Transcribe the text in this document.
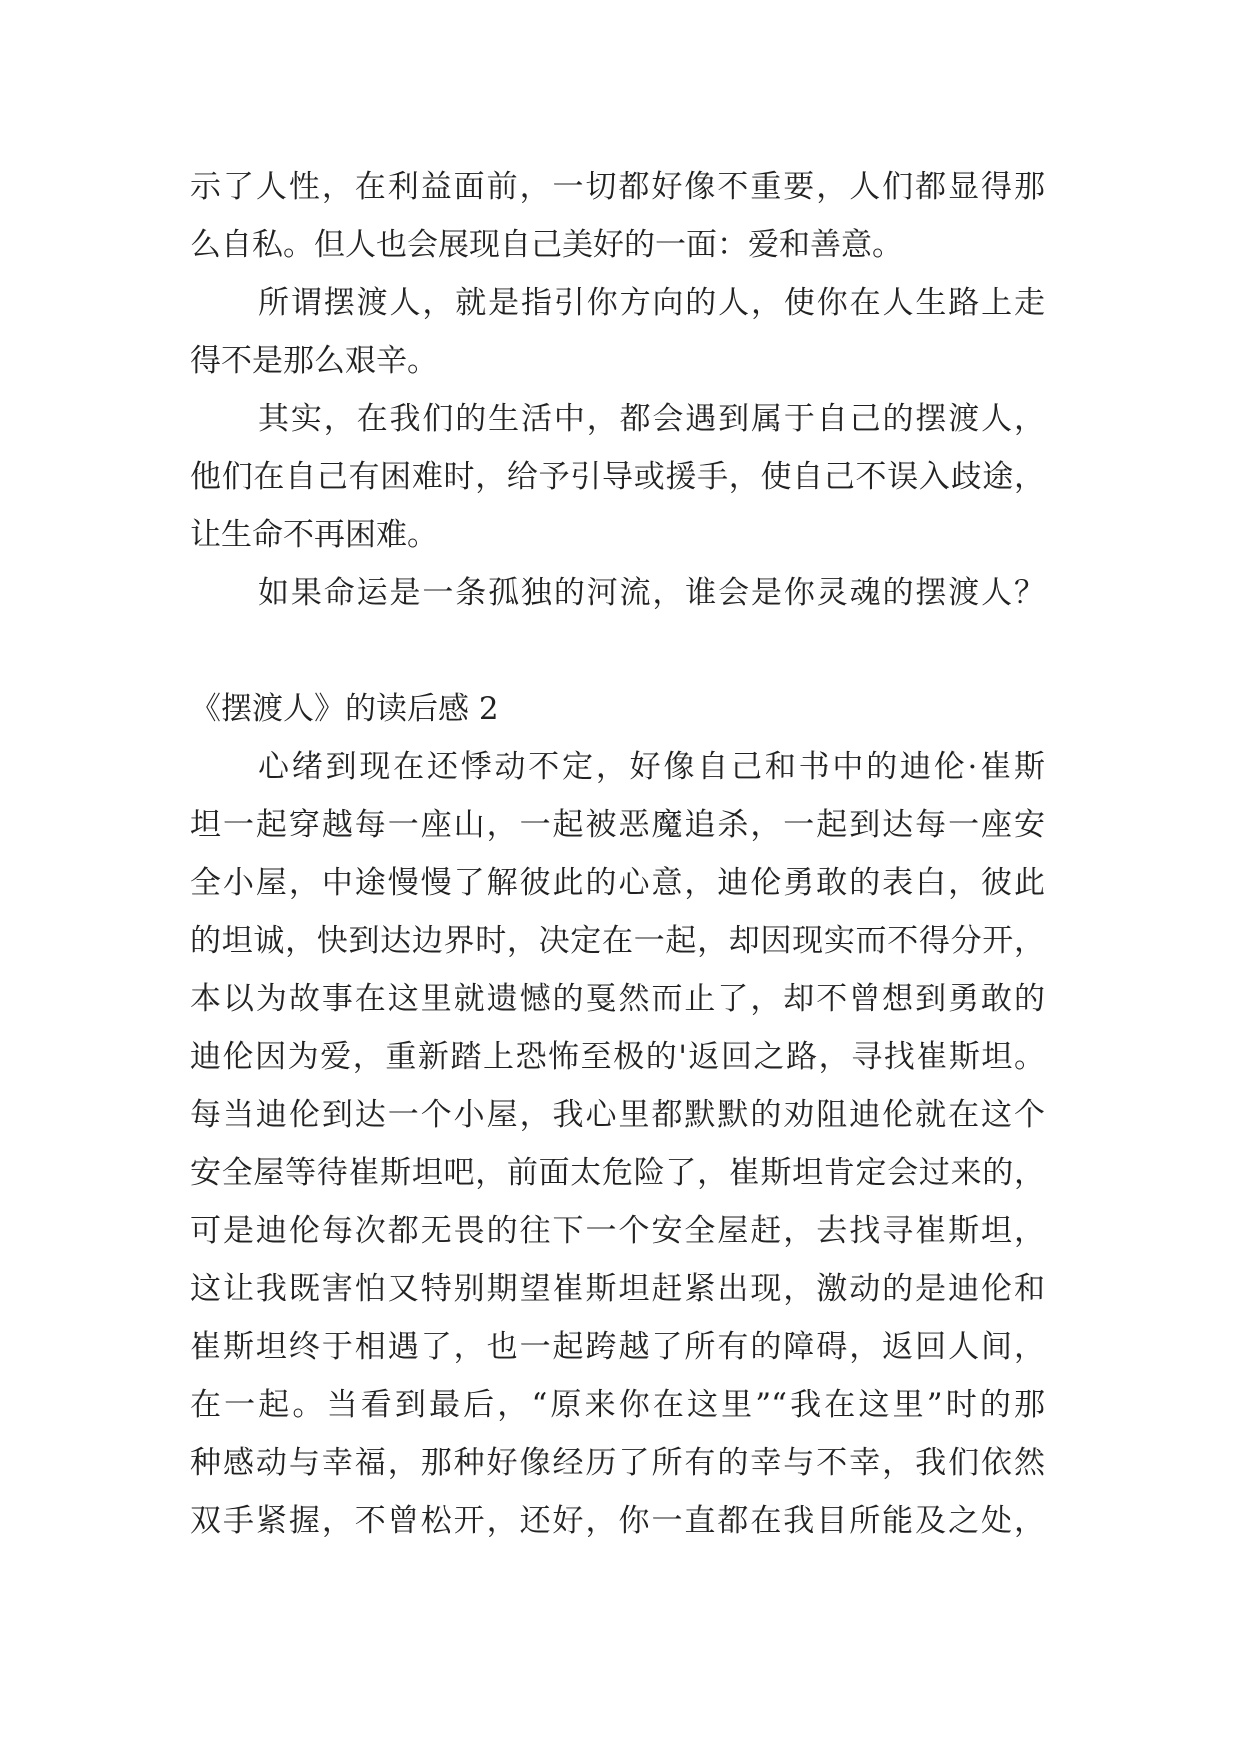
示了人性，在利益面前，一切都好像不重要，人们都显得那
么自私。但人也会展现自己美好的一面：爱和善意。
所谓摆渡人，就是指引你方向的人，使你在人生路上走
得不是那么艰辛。
其实，在我们的生活中，都会遇到属于自己的摆渡人，
他们在自己有困难时，给予引导或援手，使自己不误入歧途，
让生命不再困难。
如果命运是一条孤独的河流，谁会是你灵魂的摆渡人？
《摆渡人》的读后感 2
心绪到现在还悸动不定，好像自己和书中的迪伦·崔斯
坦一起穿越每一座山，一起被恶魔追杀，一起到达每一座安
全小屋，中途慢慢了解彼此的心意，迪伦勇敢的表白，彼此
的坦诚，快到达边界时，决定在一起，却因现实而不得分开，
本以为故事在这里就遗憾的戛然而止了，却不曾想到勇敢的
迪伦因为爱，重新踏上恐怖至极的'返回之路，寻找崔斯坦。
每当迪伦到达一个小屋，我心里都默默的劝阻迪伦就在这个
安全屋等待崔斯坦吧，前面太危险了，崔斯坦肯定会过来的，
可是迪伦每次都无畏的往下一个安全屋赶，去找寻崔斯坦，
这让我既害怕又特别期望崔斯坦赶紧出现，激动的是迪伦和
崔斯坦终于相遇了，也一起跨越了所有的障碍，返回人间，
在一起。当看到最后，“原来你在这里”“我在这里”时的那
种感动与幸福，那种好像经历了所有的幸与不幸，我们依然
双手紧握，不曾松开，还好，你一直都在我目所能及之处，
